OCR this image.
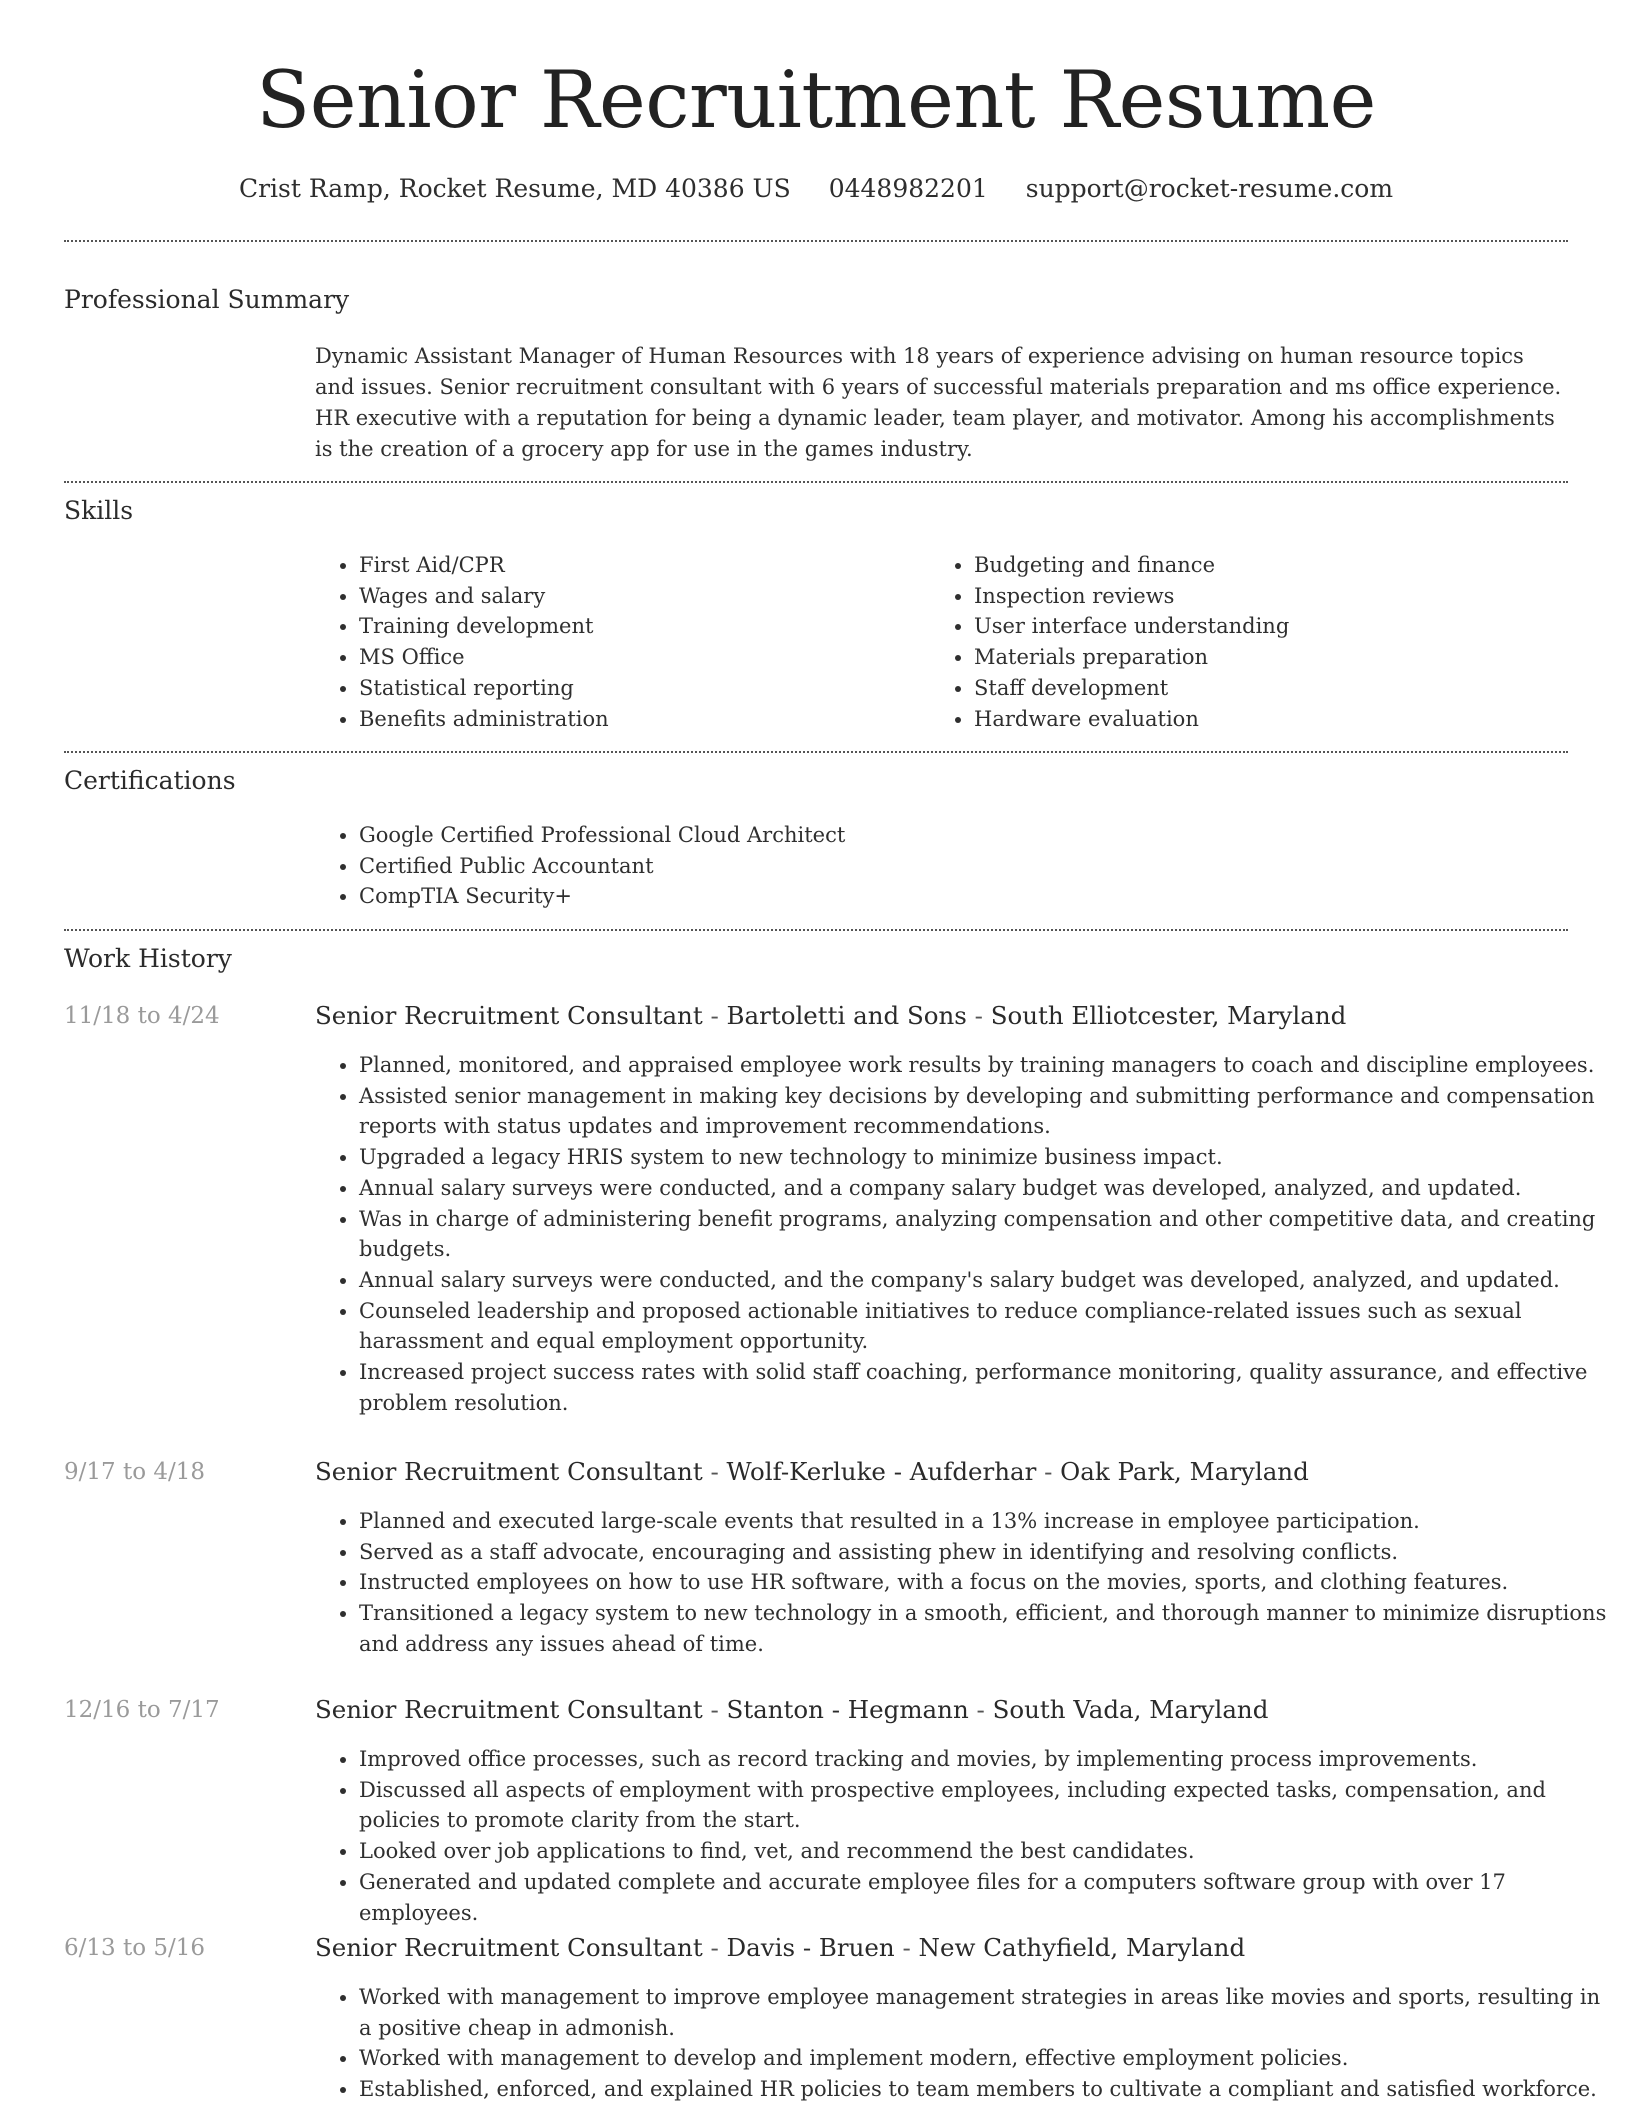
Senior Recruitment Resume
Crist Ramp, Rocket Resume, MD 40386 US 0448982201 support@rocket-resume.com
Professional Summary

Dynamic Assistant Manager of Human Resources with 18 years of experience advising on human resource topics and issues. Senior recruitment consultant with 6 years of successful materials preparation and ms office experience. HR executive with a reputation for being a dynamic leader, team player, and motivator. Among his accomplishments is the creation of a grocery app for use in the games industry.

Skills
• First Aid/CPR
• Wages and salary
• Training development
• MS Office
• Statistical reporting
• Benefits administration
• Budgeting and finance
• Inspection reviews
• User interface understanding
• Materials preparation
• Staff development
• Hardware evaluation
Certifications
• Google Certified Professional Cloud Architect
• Certified Public Accountant
• CompTIA Security+
Work History
11/18 to 4/24	Senior Recruitment Consultant - Bartoletti and Sons - South Elliotcester, Maryland
• Planned, monitored, and appraised employee work results by training managers to coach and discipline employees.
• Assisted senior management in making key decisions by developing and submitting performance and compensation reports with status updates and improvement recommendations.
• Upgraded a legacy HRIS system to new technology to minimize business impact.
• Annual salary surveys were conducted, and a company salary budget was developed, analyzed, and updated.
• Was in charge of administering benefit programs, analyzing compensation and other competitive data, and creating budgets.
• Annual salary surveys were conducted, and the company's salary budget was developed, analyzed, and updated.
• Counseled leadership and proposed actionable initiatives to reduce compliance-related issues such as sexual harassment and equal employment opportunity.
• Increased project success rates with solid staff coaching, performance monitoring, quality assurance, and effective problem resolution.
9/17 to 4/18	Senior Recruitment Consultant - Wolf-Kerluke - Aufderhar - Oak Park, Maryland
• Planned and executed large-scale events that resulted in a 13% increase in employee participation.
• Served as a staff advocate, encouraging and assisting phew in identifying and resolving conflicts.
• Instructed employees on how to use HR software, with a focus on the movies, sports, and clothing features.
• Transitioned a legacy system to new technology in a smooth, efficient, and thorough manner to minimize disruptions and address any issues ahead of time.
12/16 to 7/17	Senior Recruitment Consultant - Stanton - Hegmann - South Vada, Maryland
• Improved office processes, such as record tracking and movies, by implementing process improvements.
• Discussed all aspects of employment with prospective employees, including expected tasks, compensation, and policies to promote clarity from the start.
• Looked over job applications to find, vet, and recommend the best candidates.
• Generated and updated complete and accurate employee files for a computers software group with over 17 employees.
6/13 to 5/16	Senior Recruitment Consultant - Davis - Bruen - New Cathyfield, Maryland
• Worked with management to improve employee management strategies in areas like movies and sports, resulting in a positive cheap in admonish.
• Worked with management to develop and implement modern, effective employment policies.
• Established, enforced, and explained HR policies to team members to cultivate a compliant and satisfied workforce.
